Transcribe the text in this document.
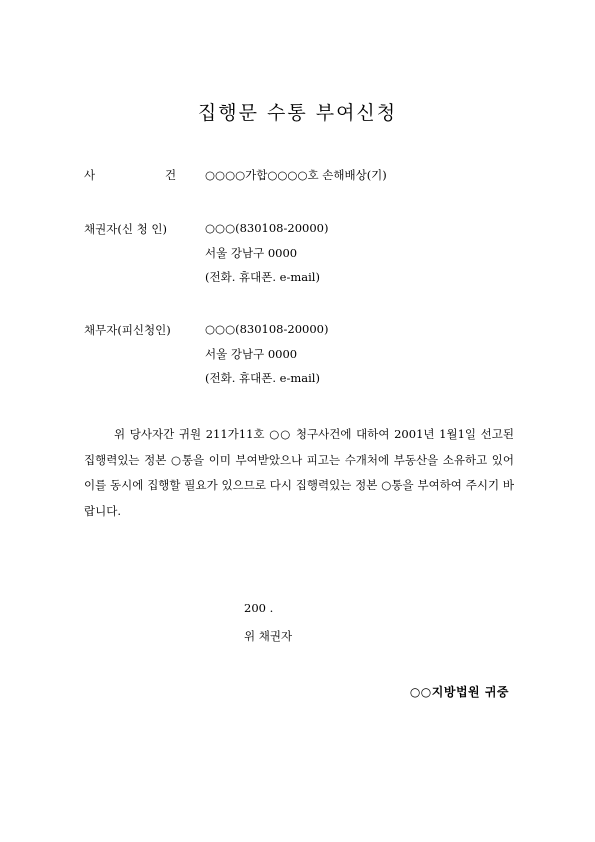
집행문 수통 부여신청
사	건	○○○○가합○○○○호 손해배상(기)
채권자(신 청 인)	○○○(830108-20000)
서울 강남구 0000
(전화. 휴대폰. e-mail)
채무자(피신청인)	○○○(830108-20000)
서울 강남구 0000
(전화. 휴대폰. e-mail)
위 당사자간 귀원 211가11호 ○○ 청구사건에 대하여 2001년 1월1일 선고된집행력있는 정본 ○통을 이미 부여받았으나 피고는 수개처에 부동산을 소유하고 있어 이를 동시에 집행할 필요가 있으므로 다시 집행력있는 정본 ○통을 부여하여 주시기 바랍니다.
200 .
위 채권자
○○지방법원 귀중
